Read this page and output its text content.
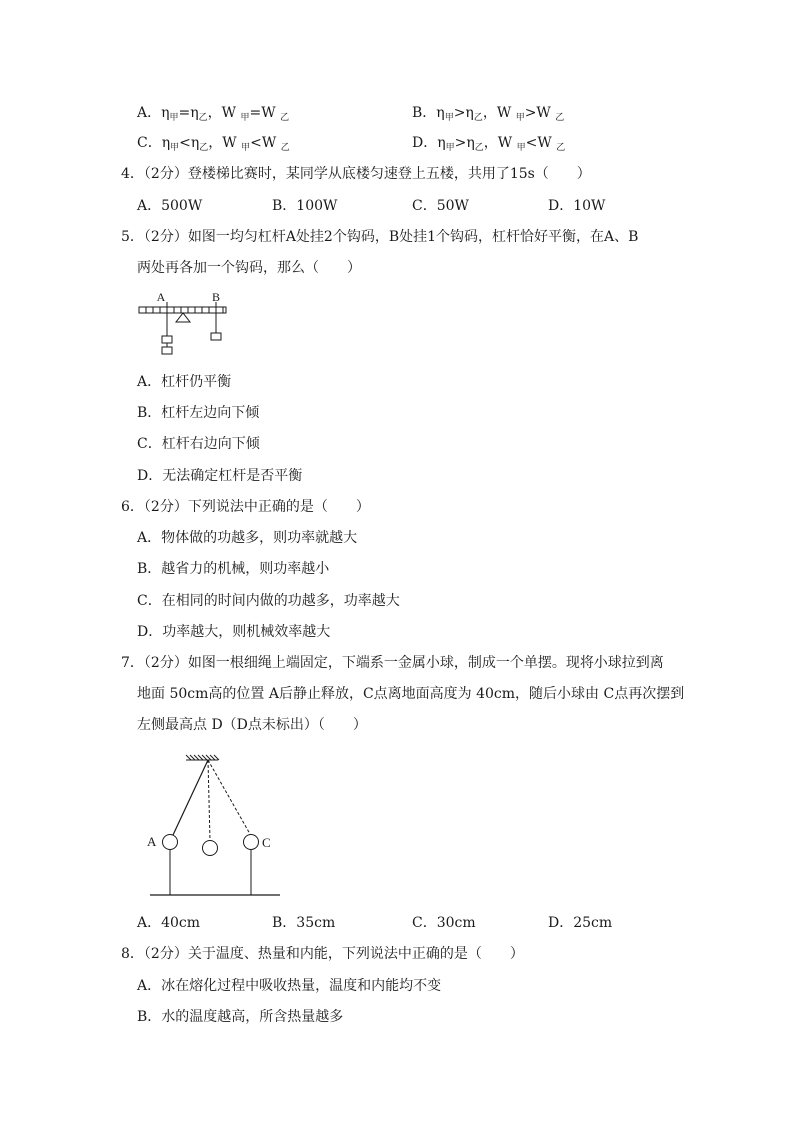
A．$\eta_甲=\eta_乙$，W $_甲$=W $_乙$	B．$\eta_甲>\eta_乙$，W $_甲$>W $_乙$
C．$\eta_甲<\eta_乙$，W $_甲$<W $_乙$	D．$\eta_甲>\eta_乙$，W $_甲$<W $_乙$
4．（2分）登楼梯比赛时，某同学从底楼匀速登上五楼，共用了15s（　　）
A．500W	B．100W	C．50W	D．10W
5．（2分）如图一均匀杠杆A处挂2个钩码，B处挂1个钩码，杠杆恰好平衡，在A、B
两处再各加一个钩码，那么（　　）
A	B
A．杠杆仍平衡
B．杠杆左边向下倾
C．杠杆右边向下倾
D．无法确定杠杆是否平衡
6．（2分）下列说法中正确的是（　　）
A．物体做的功越多，则功率就越大
B．越省力的机械，则功率越小
C．在相同的时间内做的功越多，功率越大
D．功率越大，则机械效率越大
7．（2分）如图一根细绳上端固定，下端系一金属小球，制成一个单摆。现将小球拉到离
地面 50cm高的位置 A后静止释放，C点离地面高度为 40cm，随后小球由 C点再次摆到
左侧最高点 D（D点未标出）（　　）
A	C
A．40cm	B．35cm	C．30cm	D．25cm
8．（2分）关于温度、热量和内能，下列说法中正确的是（　　）
A．冰在熔化过程中吸收热量，温度和内能均不变
B．水的温度越高，所含热量越多
